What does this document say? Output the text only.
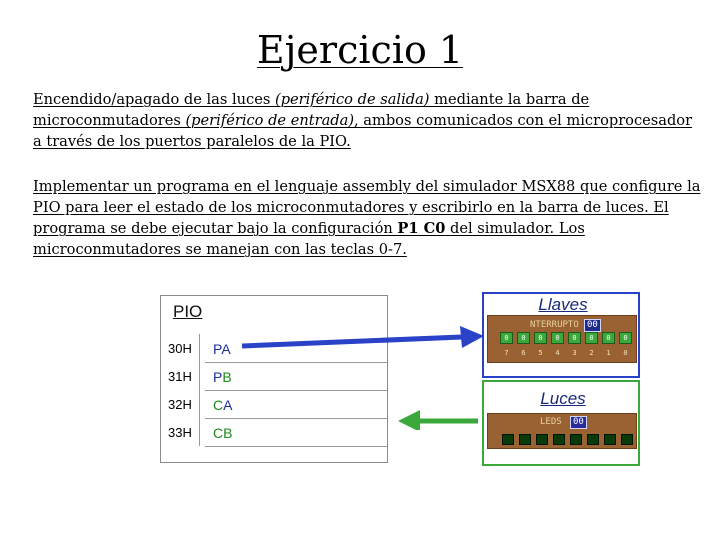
Ejercicio 1
Encendido/apagado de las luces (periférico de salida) mediante la barra de microconmutadores (periférico de entrada), ambos comunicados con el microprocesador a través de los puertos paralelos de la PIO.
Implementar un programa en el lenguaje assembly del simulador MSX88 que configure la PIO para leer el estado de los microconmutadores y escribirlo en la barra de luces. El programa se debe ejecutar bajo la configuración P1 C0 del simulador. Los microconmutadores se manejan con las teclas 0-7.
PIO
30H PA
31H PB
32H CA
33H CB
Llaves
NTERRUPTO 00
0	0	0	0	0	0	0	0
7	6	5	4	3	2	1	0
Luces
LEDS	00
